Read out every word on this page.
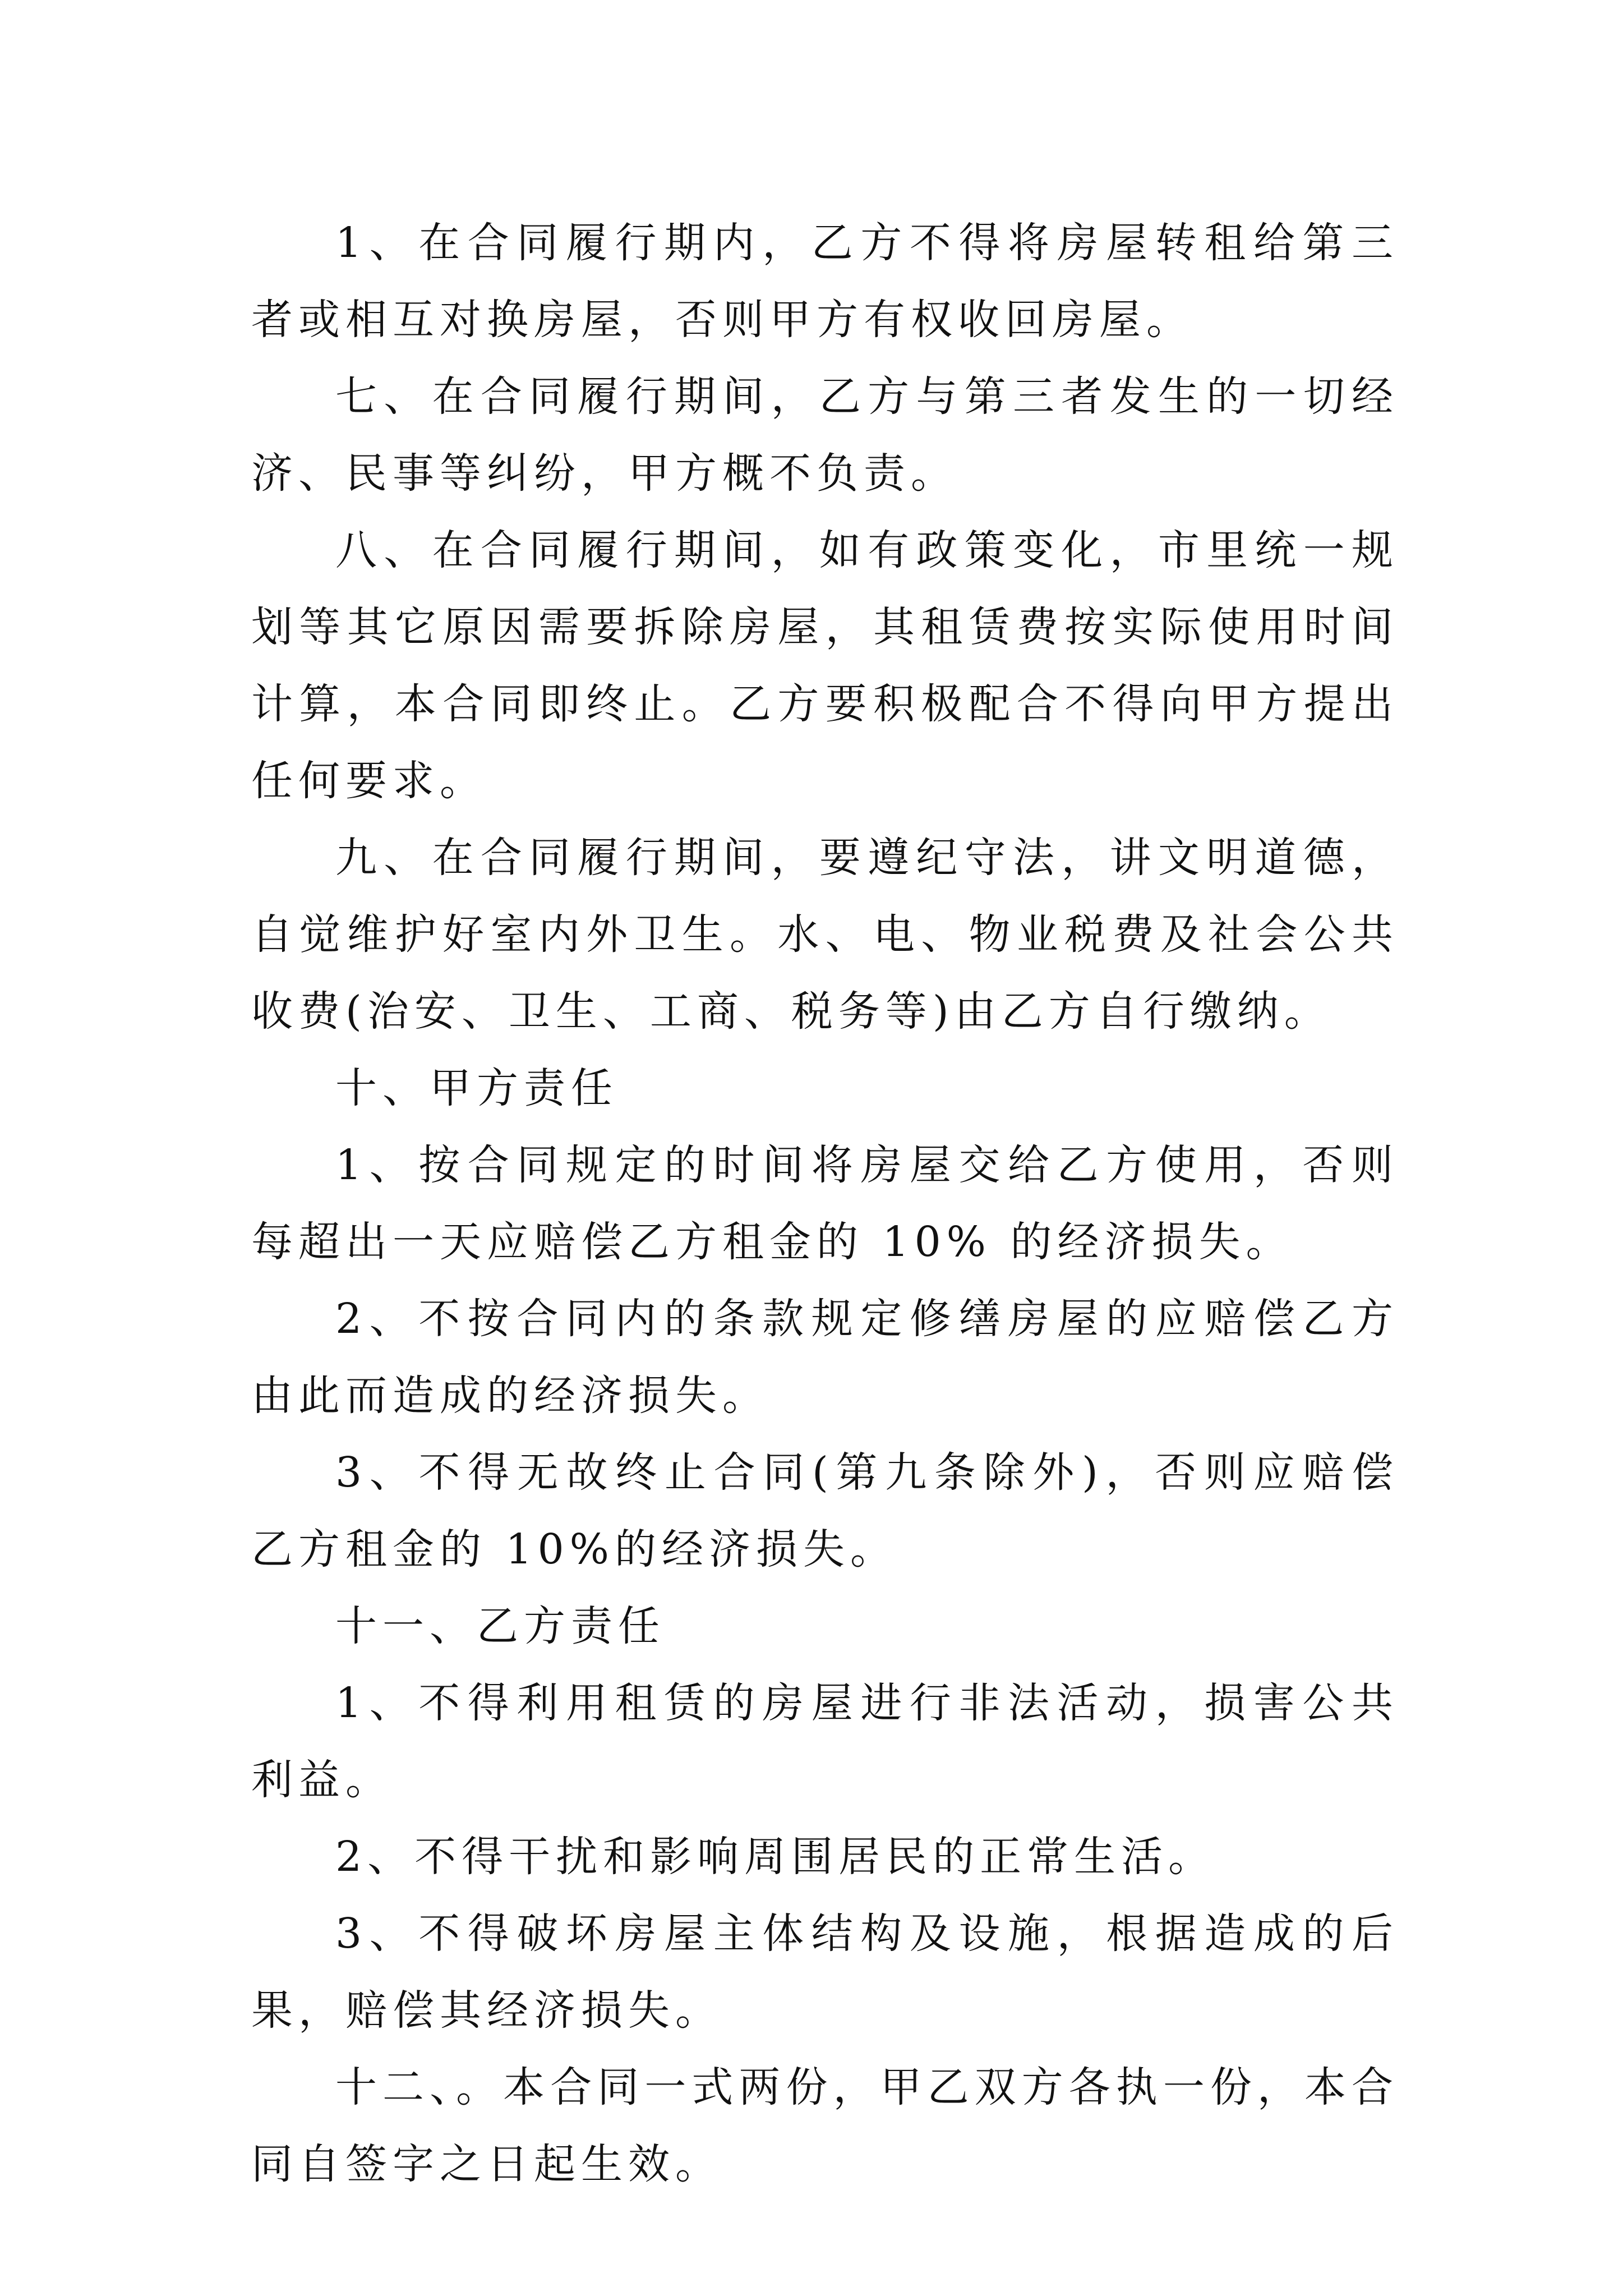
1、在合同履行期内，乙方不得将房屋转租给第三者或相互对换房屋，否则甲方有权收回房屋。

七、在合同履行期间，乙方与第三者发生的一切经济、民事等纠纷，甲方概不负责。

八、在合同履行期间，如有政策变化，市里统一规划等其它原因需要拆除房屋，其租赁费按实际使用时间计算，本合同即终止。乙方要积极配合不得向甲方提出任何要求。

九、在合同履行期间，要遵纪守法，讲文明道德，自觉维护好室内外卫生。水、电、物业税费及社会公共收费(治安、卫生、工商、税务等)由乙方自行缴纳。

十、甲方责任

1、按合同规定的时间将房屋交给乙方使用，否则每超出一天应赔偿乙方租金的 10% 的经济损失。

2、不按合同内的条款规定修缮房屋的应赔偿乙方由此而造成的经济损失。

3、不得无故终止合同(第九条除外)，否则应赔偿乙方租金的 10%的经济损失。

十一、乙方责任

1、不得利用租赁的房屋进行非法活动，损害公共利益。

2、不得干扰和影响周围居民的正常生活。

3、不得破坏房屋主体结构及设施，根据造成的后果，赔偿其经济损失。

十二、。本合同一式两份，甲乙双方各执一份，本合同自签字之日起生效。
